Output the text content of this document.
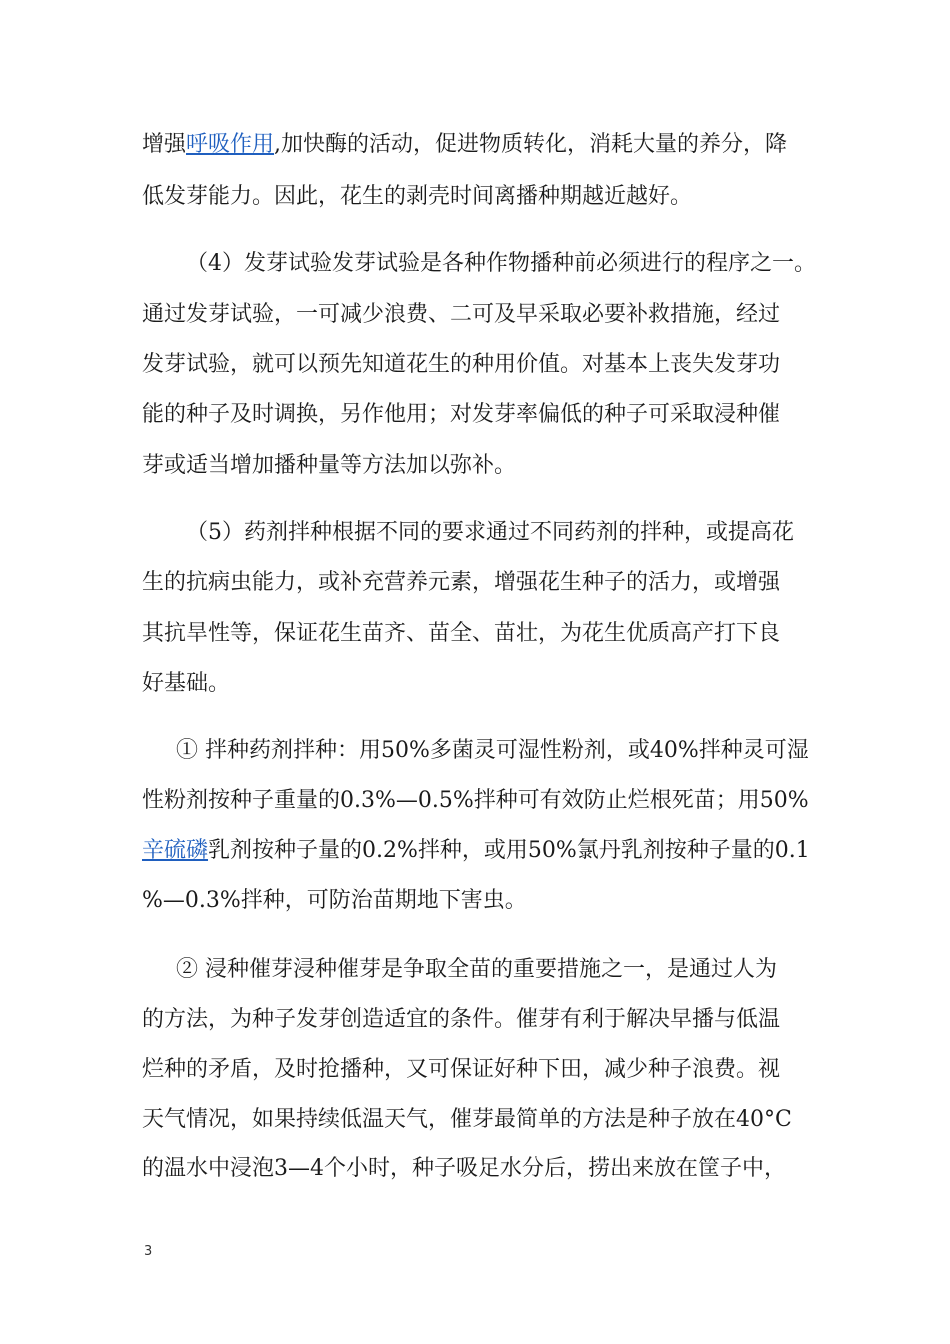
增强呼吸作用,加快酶的活动，促进物质转化，消耗大量的养分，降
低发芽能力。因此，花生的剥壳时间离播种期越近越好。
（4）发芽试验发芽试验是各种作物播种前必须进行的程序之一。
通过发芽试验，一可减少浪费、二可及早采取必要补救措施，经过
发芽试验，就可以预先知道花生的种用价值。对基本上丧失发芽功
能的种子及时调换，另作他用；对发芽率偏低的种子可采取浸种催
芽或适当增加播种量等方法加以弥补。
（5）药剂拌种根据不同的要求通过不同药剂的拌种，或提高花
生的抗病虫能力，或补充营养元素，增强花生种子的活力，或增强
其抗旱性等，保证花生苗齐、苗全、苗壮，为花生优质高产打下良
好基础。
① 拌种药剂拌种：用50%多菌灵可湿性粉剂，或40%拌种灵可湿
性粉剂按种子重量的0.3%—0.5%拌种可有效防止烂根死苗；用50%
辛硫磷乳剂按种子量的0.2%拌种，或用50%氯丹乳剂按种子量的0.1
%—0.3%拌种，可防治苗期地下害虫。
② 浸种催芽浸种催芽是争取全苗的重要措施之一，是通过人为
的方法，为种子发芽创造适宜的条件。催芽有利于解决早播与低温
烂种的矛盾，及时抢播种，又可保证好种下田，减少种子浪费。视
天气情况，如果持续低温天气，催芽最简单的方法是种子放在40°C
的温水中浸泡3—4个小时，种子吸足水分后，捞出来放在筐子中，
3
